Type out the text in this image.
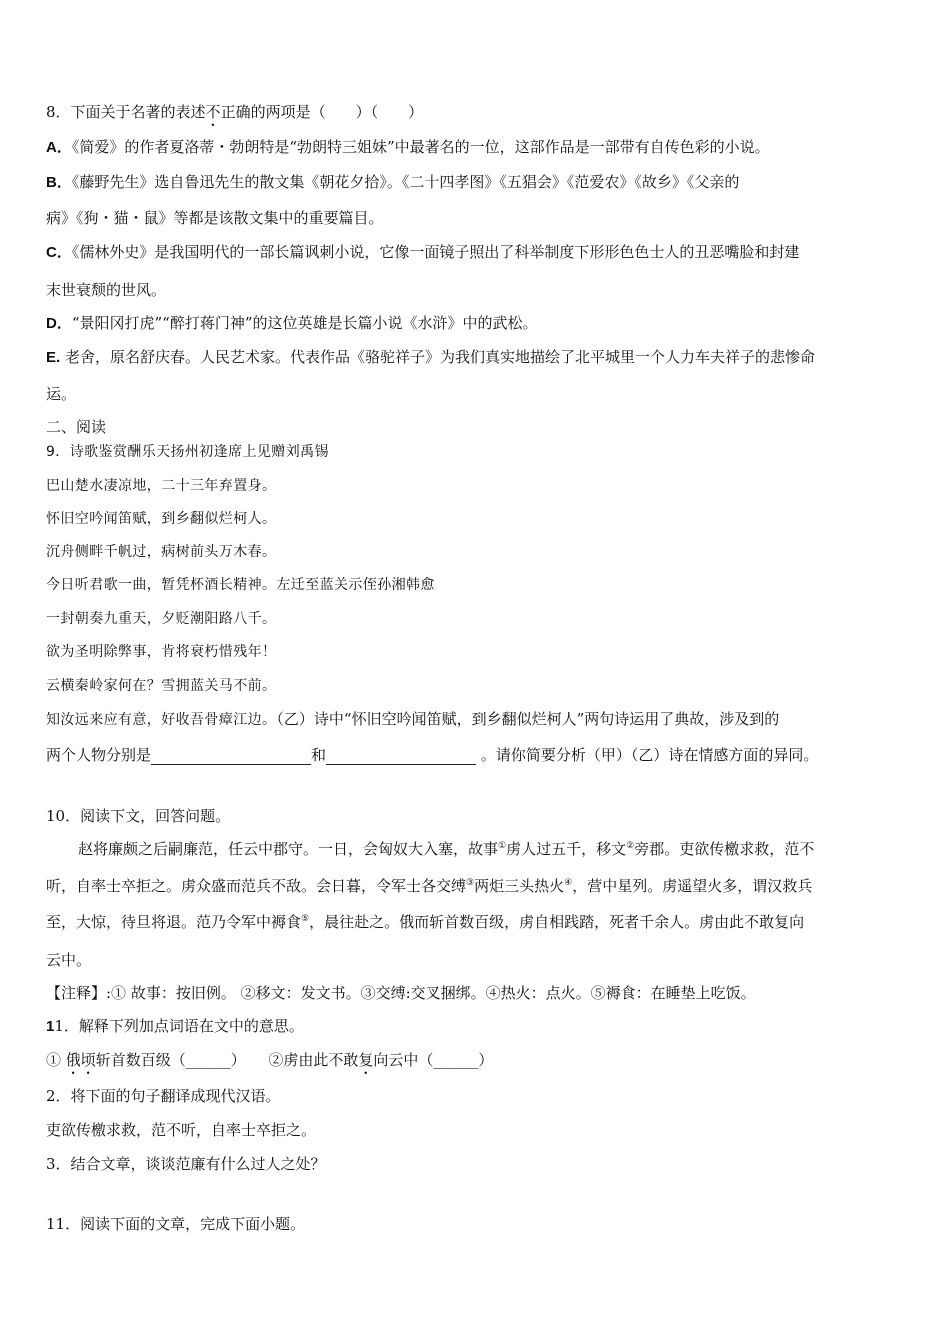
8．下面关于名著的表述不正确的两项是（　　）（　　）
A．《简爱》的作者夏洛蒂・勃朗特是“勃朗特三姐妹”中最著名的一位，这部作品是一部带有自传色彩的小说。
B．《藤野先生》选自鲁迅先生的散文集《朝花夕拾》。《二十四孝图》《五猖会》《范爱农》《故乡》《父亲的
病》《狗・猫・鼠》等都是该散文集中的重要篇目。
C．《儒林外史》是我国明代的一部长篇讽刺小说，它像一面镜子照出了科举制度下形形色色士人的丑恶嘴脸和封建
末世衰颓的世风。
D．“景阳冈打虎”“醉打蒋门神”的这位英雄是长篇小说《水浒》中的武松。
E. 老舍，原名舒庆春。人民艺术家。代表作品《骆驼祥子》为我们真实地描绘了北平城里一个人力车夫祥子的悲惨命
运。
二、阅读
9．诗歌鉴赏酬乐天扬州初逢席上见赠刘禹锡
巴山楚水凄凉地，二十三年弃置身。
怀旧空吟闻笛赋，到乡翻似烂柯人。
沉舟侧畔千帆过，病树前头万木春。
今日听君歌一曲，暂凭杯酒长精神。左迁至蓝关示侄孙湘韩愈
一封朝奏九重天，夕贬潮阳路八千。
欲为圣明除弊事，肯将衰朽惜残年！
云横秦岭家何在？雪拥蓝关马不前。
知汝远来应有意，好收吾骨瘴江边。（乙）诗中“怀旧空吟闻笛赋，到乡翻似烂柯人”两句诗运用了典故，涉及到的
两个人物分别是	和	。请你简要分析（甲）（乙）诗在情感方面的异同。
10．阅读下文，回答问题。
赵将廉颇之后嗣廉范，任云中郡守。一日，会匈奴大入塞，故事①虏人过五千，移文②旁郡。吏欲传檄求救，范不
听，自率士卒拒之。虏众盛而范兵不敌。会日暮，令军士各交缚③两炬三头热火④，营中星列。虏遥望火多，谓汉救兵
至，大惊，待旦将退。范乃令军中褥食⑤，晨往赴之。俄而斩首数百级，虏自相践踏，死者千余人。虏由此不敢复向
云中。
【注释】:① 故事：按旧例。 ②移文：发文书。③交缚:交叉捆绑。④热火：点火。⑤褥食：在睡垫上吃饭。
11．解释下列加点词语在文中的意思。
① 俄顷斩首数百级（______）　　 ②虏由此不敢复向云中（______）
2．将下面的句子翻译成现代汉语。
吏欲传檄求救，范不听，自率士卒拒之。
3．结合文章，谈谈范廉有什么过人之处？
11．阅读下面的文章，完成下面小题。
